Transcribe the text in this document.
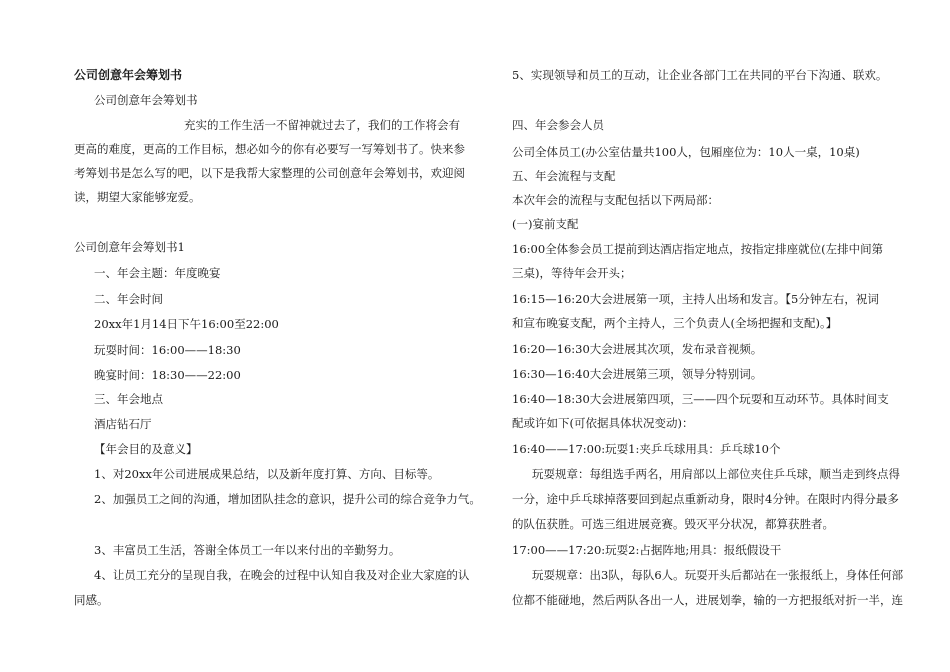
公司创意年会筹划书
公司创意年会筹划书
充实的工作生活一不留神就过去了，我们的工作将会有
更高的难度，更高的工作目标，想必如今的你有必要写一写筹划书了。快来参
考筹划书是怎么写的吧，以下是我帮大家整理的公司创意年会筹划书，欢迎阅
读，期望大家能够宠爱。
公司创意年会筹划书1
一、年会主题：年度晚宴
二、年会时间
20xx年1月14日下午16:00至22:00
玩耍时间：16:00——18:30
晚宴时间：18:30——22:00
三、年会地点
酒店钻石厅
【年会目的及意义】
1、对20xx年公司进展成果总结，以及新年度打算、方向、目标等。
2、加强员工之间的沟通，增加团队挂念的意识，提升公司的综合竞争力气。
3、丰富员工生活，答谢全体员工一年以来付出的辛勤努力。
4、让员工充分的呈现自我，在晚会的过程中认知自我及对企业大家庭的认
同感。
5、实现领导和员工的互动，让企业各部门工在共同的平台下沟通、联欢。
四、年会参会人员
公司全体员工(办公室估量共100人，包厢座位为：10人一桌，10桌)
五、年会流程与支配
本次年会的流程与支配包括以下两局部：
(一)宴前支配
16:00全体参会员工提前到达酒店指定地点，按指定排座就位(左排中间第
三桌)，等待年会开头；
16:15—16:20大会进展第一项，主持人出场和发言。【5分钟左右，祝词
和宣布晚宴支配，两个主持人，三个负责人(全场把握和支配)。】
16:20—16:30大会进展其次项，发布录音视频。
16:30—16:40大会进展第三项，领导分特别词。
16:40—18:30大会进展第四项，三——四个玩耍和互动环节。具体时间支
配或许如下(可依据具体状况变动)：
16:40——17:00:玩耍1:夹乒乓球用具：乒乓球10个
玩耍规章：每组选手两名，用肩部以上部位夹住乒乓球，顺当走到终点得
一分，途中乒乓球掉落要回到起点重新动身，限时4分钟。在限时内得分最多
的队伍获胜。可选三组进展竞赛。毁灭平分状况，都算获胜者。
17:00——17:20:玩耍2:占据阵地;用具：报纸假设干
玩耍规章：出3队，每队6人。玩耍开头后都站在一张报纸上，身体任何部
位都不能碰地，然后两队各出一人，进展划拳，输的一方把报纸对折一半，连
